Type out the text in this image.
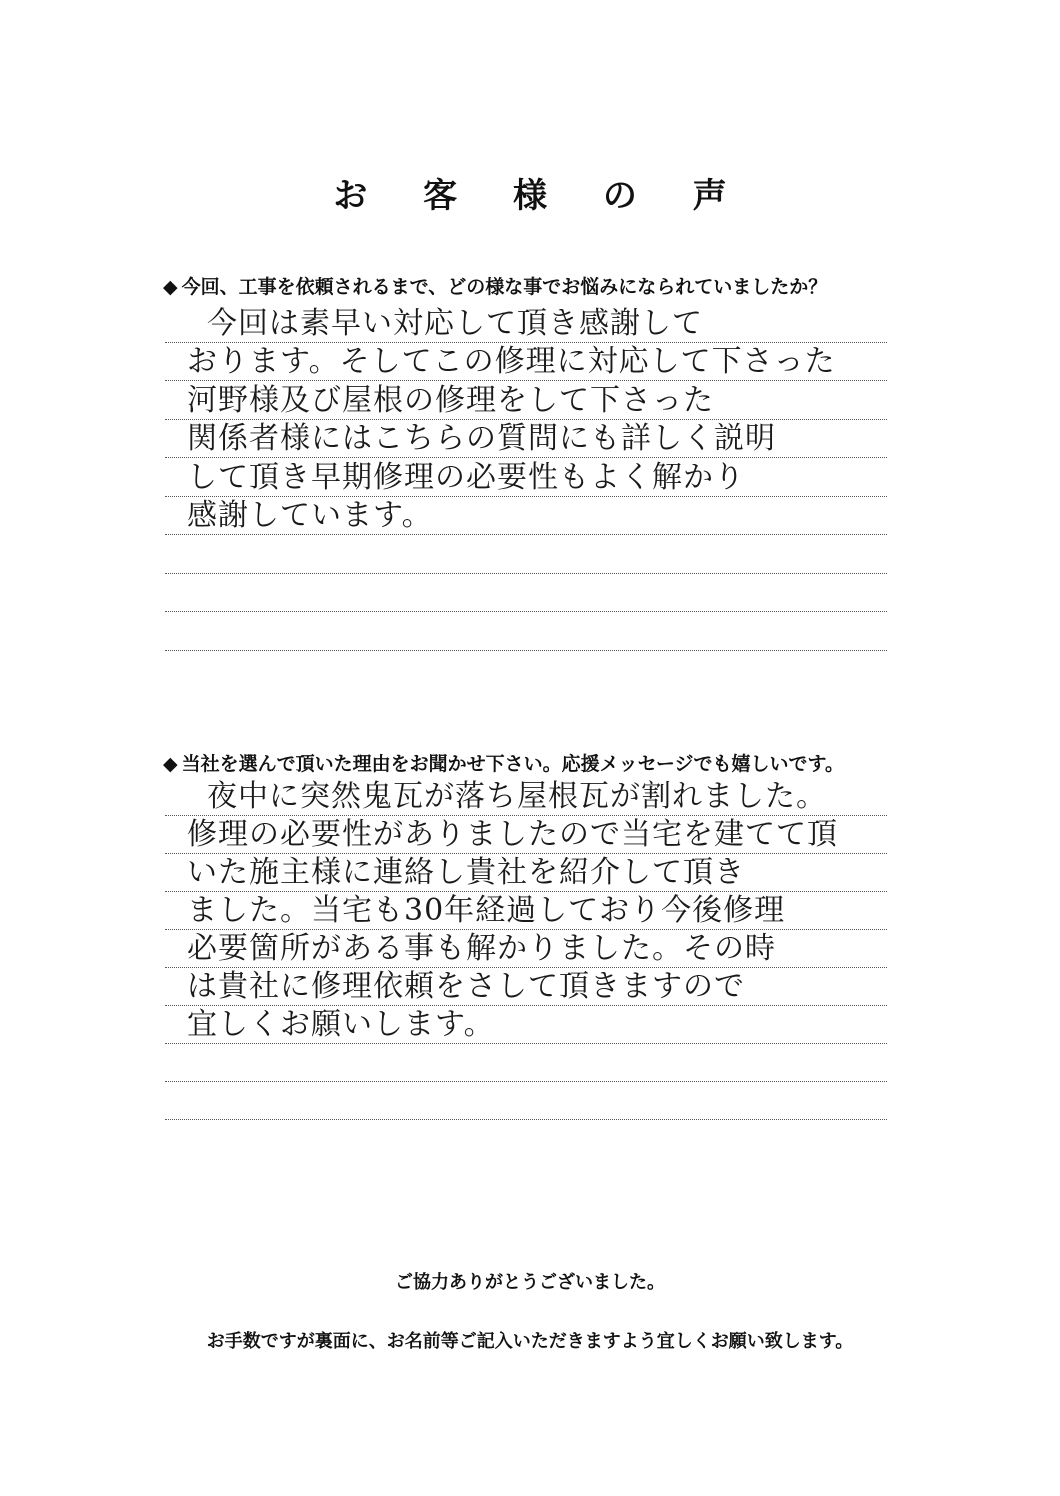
お 客 様 の 声
◆ 今回、工事を依頼されるまで、どの様な事でお悩みになられていましたか？
今回は素早い対応して頂き感謝して
おります。そしてこの修理に対応して下さった
河野様及び屋根の修理をして下さった
関係者様にはこちらの質問にも詳しく説明
して頂き早期修理の必要性もよく解かり
感謝しています。
◆ 当社を選んで頂いた理由をお聞かせ下さい。応援メッセージでも嬉しいです。
夜中に突然鬼瓦が落ち屋根瓦が割れました。
修理の必要性がありましたので当宅を建てて頂
いた施主様に連絡し貴社を紹介して頂き
ました。当宅も30年経過しており今後修理
必要箇所がある事も解かりました。その時
は貴社に修理依頼をさして頂きますので
宜しくお願いします。
ご協力ありがとうございました。
お手数ですが裏面に、お名前等ご記入いただきますよう宜しくお願い致します。
